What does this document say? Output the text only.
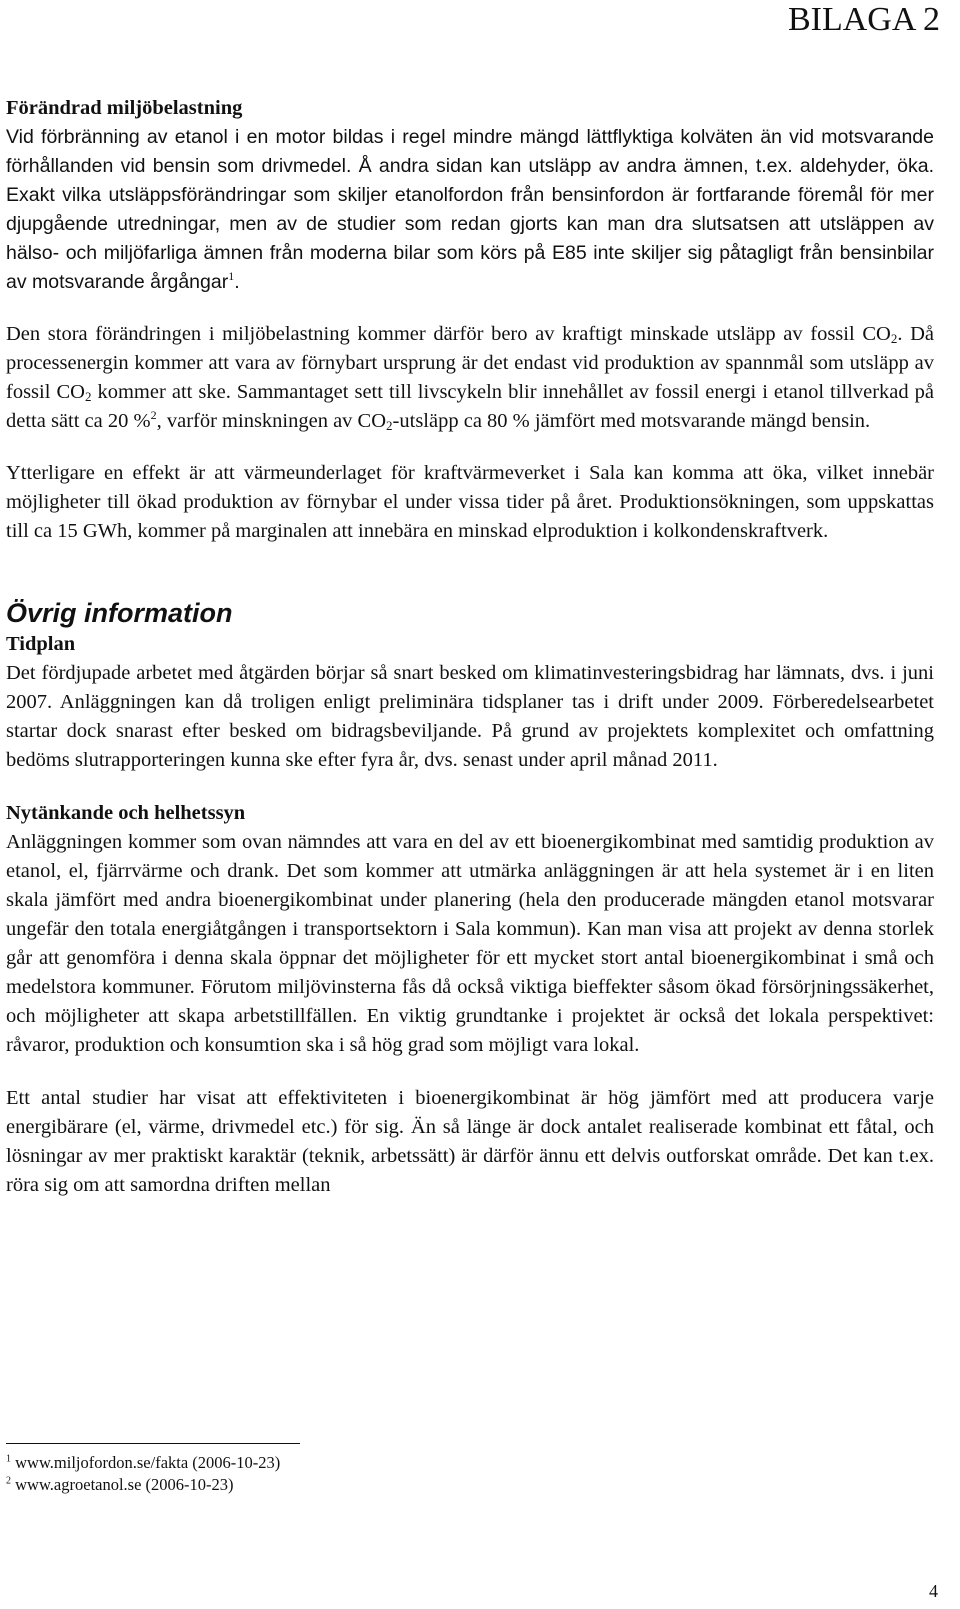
BILAGA 2
Förändrad miljöbelastning

Vid förbränning av etanol i en motor bildas i regel mindre mängd lättflyktiga kolväten än vid motsvarande förhållanden vid bensin som drivmedel. Å andra sidan kan utsläpp av andra ämnen, t.ex. aldehyder, öka. Exakt vilka utsläppsförändringar som skiljer etanolfordon från bensinfordon är fortfarande föremål för mer djupgående utredningar, men av de studier som redan gjorts kan man dra slutsatsen att utsläppen av hälso- och miljöfarliga ämnen från moderna bilar som körs på E85 inte skiljer sig påtagligt från bensinbilar av motsvarande årgångar$^1$.

Den stora förändringen i miljöbelastning kommer därför bero av kraftigt minskade utsläpp av fossil $CO_2$. Då processenergin kommer att vara av förnybart ursprung är det endast vid produktion av spannmål som utsläpp av fossil $CO_2$ kommer att ske. Sammantaget sett till livscykeln blir innehållet av fossil energi i etanol tillverkad på detta sätt ca 20 %$^2$, varför minskningen av $CO_2$-utsläpp ca 80 % jämfört med motsvarande mängd bensin.

Ytterligare en effekt är att värmeunderlaget för kraftvärmeverket i Sala kan komma att öka, vilket innebär möjligheter till ökad produktion av förnybar el under vissa tider på året. Produktionsökningen, som uppskattas till ca 15 GWh, kommer på marginalen att innebära en minskad elproduktion i kolkondenskraftverk.

Övrig information
Tidplan

Det fördjupade arbetet med åtgärden börjar så snart besked om klimatinvesteringsbidrag har lämnats, dvs. i juni 2007. Anläggningen kan då troligen enligt preliminära tidsplaner tas i drift under 2009. Förberedelsearbetet startar dock snarast efter besked om bidragsbeviljande. På grund av projektets komplexitet och omfattning bedöms slutrapporteringen kunna ske efter fyra år, dvs. senast under april månad 2011.

Nytänkande och helhetssyn

Anläggningen kommer som ovan nämndes att vara en del av ett bioenergikombinat med samtidig produktion av etanol, el, fjärrvärme och drank. Det som kommer att utmärka anläggningen är att hela systemet är i en liten skala jämfört med andra bioenergikombinat under planering (hela den producerade mängden etanol motsvarar ungefär den totala energiåtgången i transportsektorn i Sala kommun). Kan man visa att projekt av denna storlek går att genomföra i denna skala öppnar det möjligheter för ett mycket stort antal bioenergikombinat i små och medelstora kommuner. Förutom miljövinsterna fås då också viktiga bieffekter såsom ökad försörjningssäkerhet, och möjligheter att skapa arbetstillfällen. En viktig grundtanke i projektet är också det lokala perspektivet: råvaror, produktion och konsumtion ska i så hög grad som möjligt vara lokal.

Ett antal studier har visat att effektiviteten i bioenergikombinat är hög jämfört med att producera varje energibärare (el, värme, drivmedel etc.) för sig. Än så länge är dock antalet realiserade kombinat ett fåtal, och lösningar av mer praktiskt karaktär (teknik, arbetssätt) är därför ännu ett delvis outforskat område. Det kan t.ex. röra sig om att samordna driften mellan

$^1$ www.miljofordon.se/fakta (2006-10-23)
$^2$ www.agroetanol.se (2006-10-23)
4
